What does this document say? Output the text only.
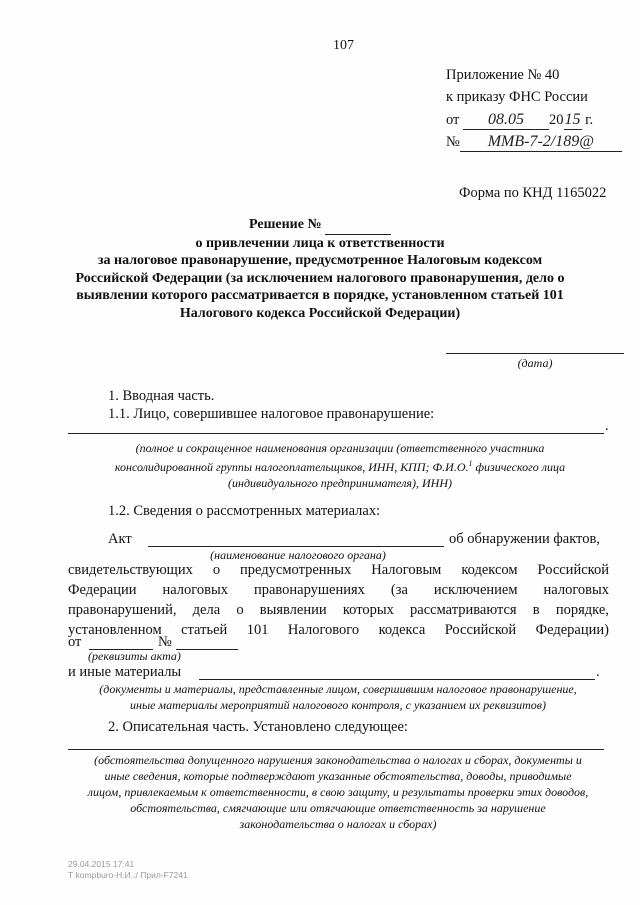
107
Приложение № 40
к приказу ФНС России
от 08.05 2015 г.
№ ММВ-7-2/189@
Форма по КНД 1165022
Решение №
о привлечении лица к ответственности
за налоговое правонарушение, предусмотренное Налоговым кодексом
Российской Федерации (за исключением налогового правонарушения, дело о
выявлении которого рассматривается в порядке, установленном статьей 101
Налогового кодекса Российской Федерации)
(дата)
1. Вводная часть.
1.1. Лицо, совершившее налоговое правонарушение:
.
(полное и сокращенное наименования организации (ответственного участника
консолидированной группы налогоплательщиков, ИНН, КПП; Ф.И.О.$^1$ физического лица
(индивидуального предпринимателя), ИНН)
1.2. Сведения о рассмотренных материалах:
Акт	об обнаружении фактов,
(наименование налогового органа)
свидетельствующих о предусмотренных Налоговым кодексом Российской
Федерации налоговых правонарушениях (за исключением налоговых
правонарушений, дела о выявлении которых рассматриваются в порядке,
установленном статьей 101 Налогового кодекса Российской Федерации)
от	№
(реквизиты акта)
и иные материалы	.
(документы и материалы, представленные лицом, совершившим налоговое правонарушение,
иные материалы мероприятий налогового контроля, с указанием их реквизитов)
2. Описательная часть. Установлено следующее:
(обстоятельства допущенного нарушения законодательства о налогах и сборах, документы и
иные сведения, которые подтверждают указанные обстоятельства, доводы, приводимые
лицом, привлекаемым к ответственности, в свою защиту, и результаты проверки этих доводов,
обстоятельства, смягчающие или отягчающие ответственность за нарушение
законодательства о налогах и сборах)
29.04.2015 17:41
Т kompburo-Н.И.:/ Прил-F7241
